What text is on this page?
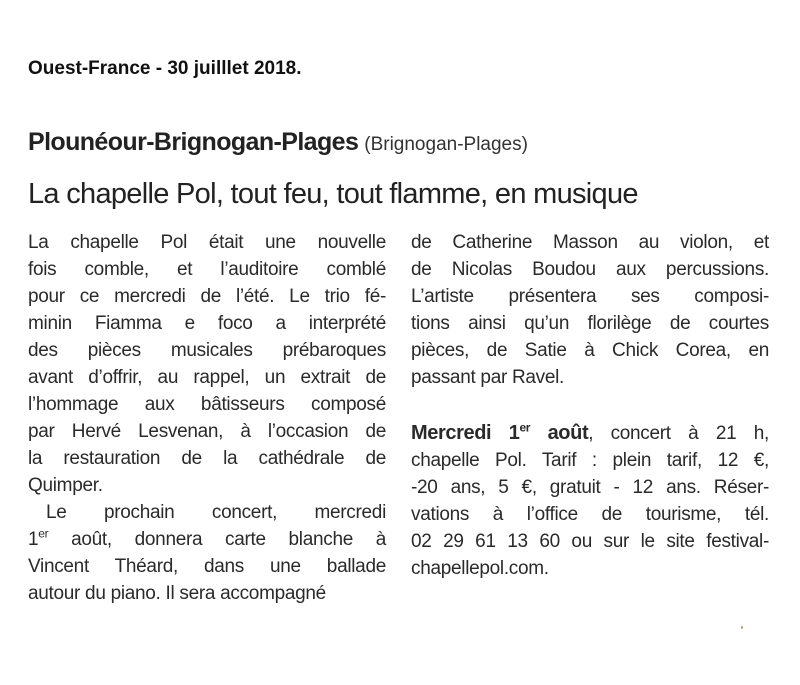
Ouest-France - 30 juilllet 2018.
Plounéour-Brignogan-Plages (Brignogan-Plages)
La chapelle Pol, tout feu, tout flamme, en musique
La chapelle Pol était une nouvelle
fois comble, et l’auditoire comblé
pour ce mercredi de l’été. Le trio fé-
minin Fiamma e foco a interprété
des pièces musicales prébaroques
avant d’offrir, au rappel, un extrait de
l’hommage aux bâtisseurs composé
par Hervé Lesvenan, à l’occasion de
la restauration de la cathédrale de
Quimper.
Le prochain concert, mercredi
1er août, donnera carte blanche à
Vincent Théard, dans une ballade
autour du piano. Il sera accompagné
de Catherine Masson au violon, et
de Nicolas Boudou aux percussions.
L’artiste présentera ses composi-
tions ainsi qu’un florilège de courtes
pièces, de Satie à Chick Corea, en
passant par Ravel.
Mercredi 1er août, concert à 21 h,
chapelle Pol. Tarif : plein tarif, 12 €,
-20 ans, 5 €, gratuit - 12 ans. Réser-
vations à l’office de tourisme, tél.
02 29 61 13 60 ou sur le site festival-
chapellepol.com.
